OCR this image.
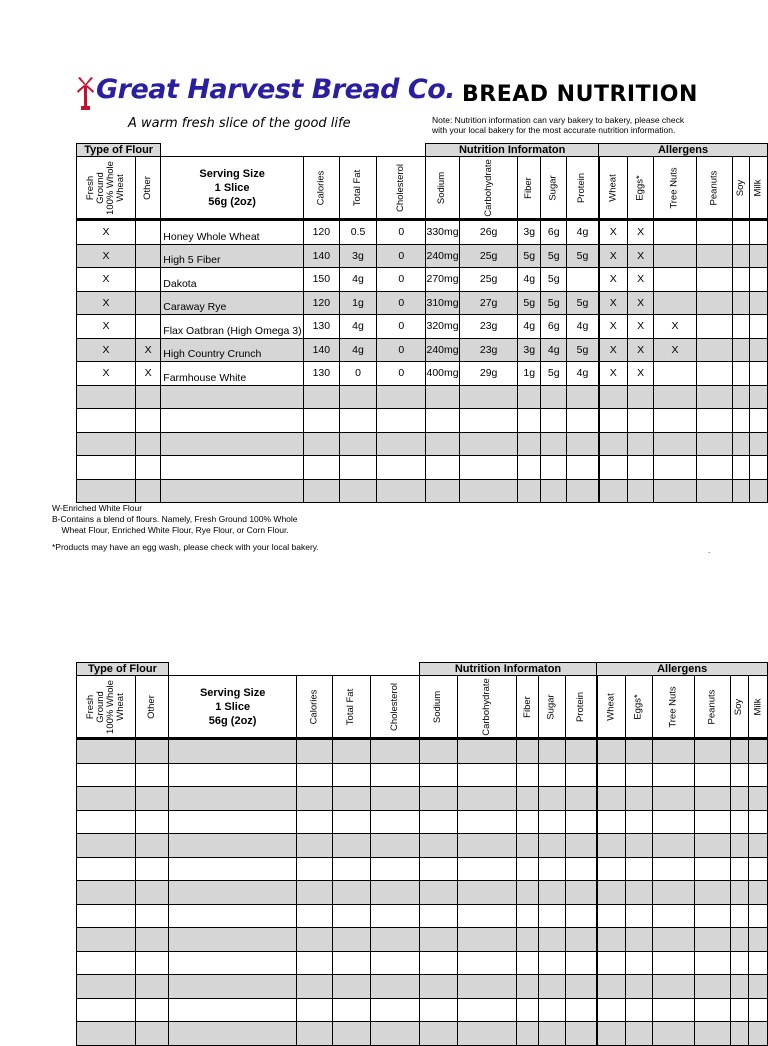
Great Harvest Bread Co.
A warm fresh slice of the good life
BREAD NUTRITION
Note: Nutrition information can vary bakery to bakery, please check with your local bakery for the most accurate nutrition information.
Type of Flour						Nutrition Informaton					Allergens					
Fresh Ground 100% Whole Wheat	Other	Serving Size
1 Slice
56g (2oz)	Calories	Total Fat	Cholesterol	Sodium	Carbohydrate	Fiber	Sugar	Protein	Wheat	Eggs*	Tree Nuts	Peanuts	Soy	Milk
X		Honey Whole Wheat	120	0.5	0	330mg	26g	3g	6g	4g	X	X				
X		High 5 Fiber	140	3g	0	240mg	25g	5g	5g	5g	X	X				
X		Dakota	150	4g	0	270mg	25g	4g	5g		X	X				
X		Caraway Rye	120	1g	0	310mg	27g	5g	5g	5g	X	X				
X		Flax Oatbran (High Omega 3)	130	4g	0	320mg	23g	4g	6g	4g	X	X	X			
X	X	High Country Crunch	140	4g	0	240mg	23g	3g	4g	5g	X	X	X			
X	X	Farmhouse White	130	0	0	400mg	29g	1g	5g	4g	X	X				

W-Enriched White Flour
B-Contains a blend of flours. Namely, Fresh Ground 100% Whole
Wheat Flour, Enriched White Flour, Rye Flour, or Corn Flour.
*Products may have an egg wash, please check with your local bakery.	.
Type of Flour						Nutrition Informaton					Allergens					
Fresh Ground 100% Whole Wheat	Other	Serving Size
1 Slice
56g (2oz)	Calories	Total Fat	Cholesterol	Sodium	Carbohydrate	Fiber	Sugar	Protein	Wheat	Eggs*	Tree Nuts	Peanuts	Soy	Milk
